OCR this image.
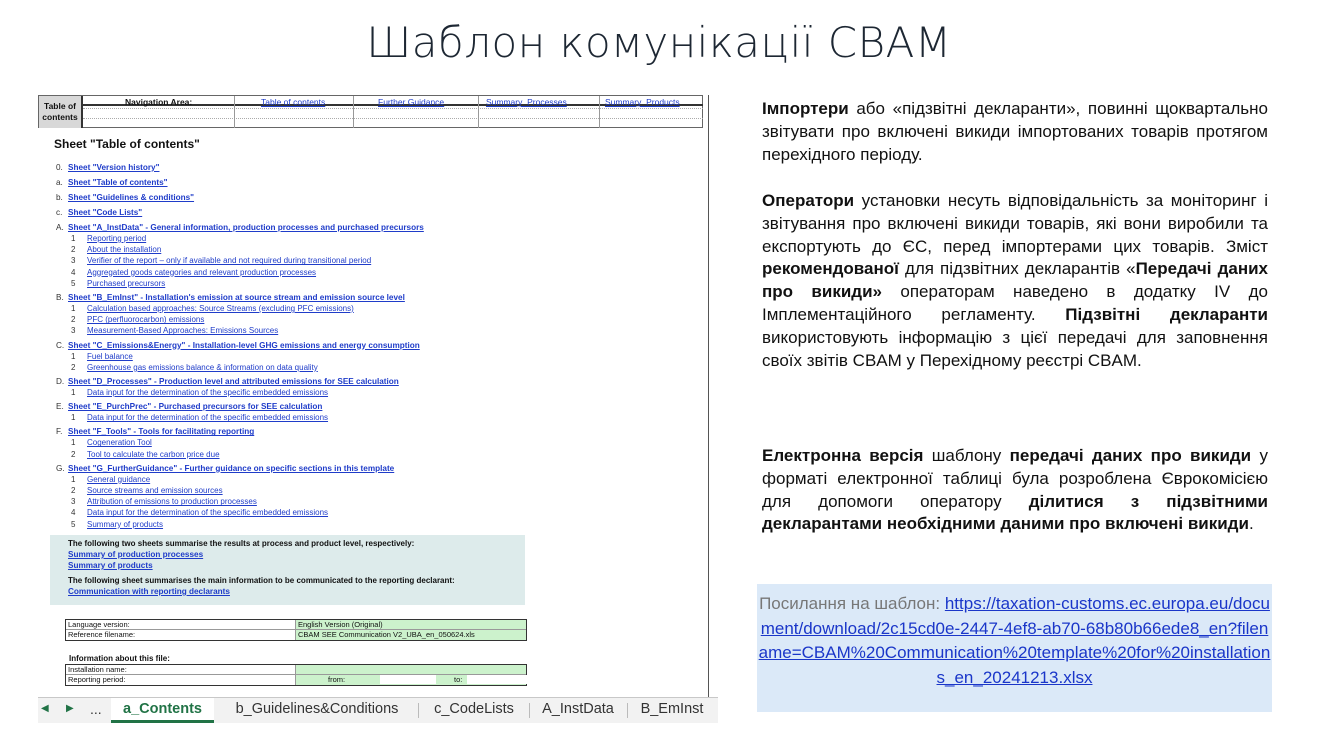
Шаблон комунікації CBAM
Table of contents
Navigation Area:	Table of contents	Further Guidance	Summary_Processes	Summary_Products
Sheet "Table of contents"
0. Sheet "Version history"
a. Sheet "Table of contents"
b. Sheet "Guidelines & conditions"
c. Sheet "Code Lists"
A. Sheet "A_InstData" - General information, production processes and purchased precursors
1 Reporting period
2 About the installation
3 Verifier of the report – only if available and not required during transitional period
4 Aggregated goods categories and relevant production processes
5 Purchased precursors
B. Sheet "B_EmInst" - Installation's emission at source stream and emission source level
1 Calculation based approaches: Source Streams (excluding PFC emissions)
2 PFC (perfluorocarbon) emissions
3 Measurement-Based Approaches: Emissions Sources
C. Sheet "C_Emissions&Energy" - Installation-level GHG emissions and energy consumption
1 Fuel balance
2 Greenhouse gas emissions balance & information on data quality
D. Sheet "D_Processes" - Production level and attributed emissions for SEE calculation
1 Data input for the determination of the specific embedded emissions
E. Sheet "E_PurchPrec" - Purchased precursors for SEE calculation
1 Data input for the determination of the specific embedded emissions
F. Sheet "F_Tools" - Tools for facilitating reporting
1 Cogeneration Tool
2 Tool to calculate the carbon price due
G. Sheet "G_FurtherGuidance" - Further guidance on specific sections in this template
1 General guidance
2 Source streams and emission sources
3 Attribution of emissions to production processes
4 Data input for the determination of the specific embedded emissions
5 Summary of products
The following two sheets summarise the results at process and product level, respectively:
Summary of production processes
Summary of products
The following sheet summarises the main information to be communicated to the reporting declarant:
Communication with reporting declarants
Language version:	English Version (Original)
Reference filename:	CBAM SEE Communication V2_UBA_en_050624.xls
Information about this file:
Installation name:
Reporting period:	from:	to:
◀ ▶ ...	a_Contents	b_Guidelines&Conditions	c_CodeLists	A_InstData	B_EmInst
Імпортери або «підзвітні декларанти», повинні щоквартально звітувати про включені викиди імпортованих товарів протягом перехідного періоду.
Оператори установки несуть відповідальність за моніторинг і звітування про включені викиди товарів, які вони виробили та експортують до ЄС, перед імпортерами цих товарів. Зміст рекомендованої для підзвітних декларантів «Передачі даних про викиди» операторам наведено в додатку IV до Імплементаційного регламенту. Підзвітні декларанти використовують інформацію з цієї передачі для заповнення своїх звітів CBAM у Перехідному реєстрі CBAM.
Електронна версія шаблону передачі даних про викиди у форматі електронної таблиці була розроблена Єврокомісією для допомоги оператору ділитися з підзвітними декларантами необхідними даними про включені викиди.
Посилання на шаблон: https://taxation-customs.ec.europa.eu/document/download/2c15cd0e-2447-4ef8-ab70-68b80b66ede8_en?filename=CBAM%20Communication%20template%20for%20installations_en_20241213.xlsx
